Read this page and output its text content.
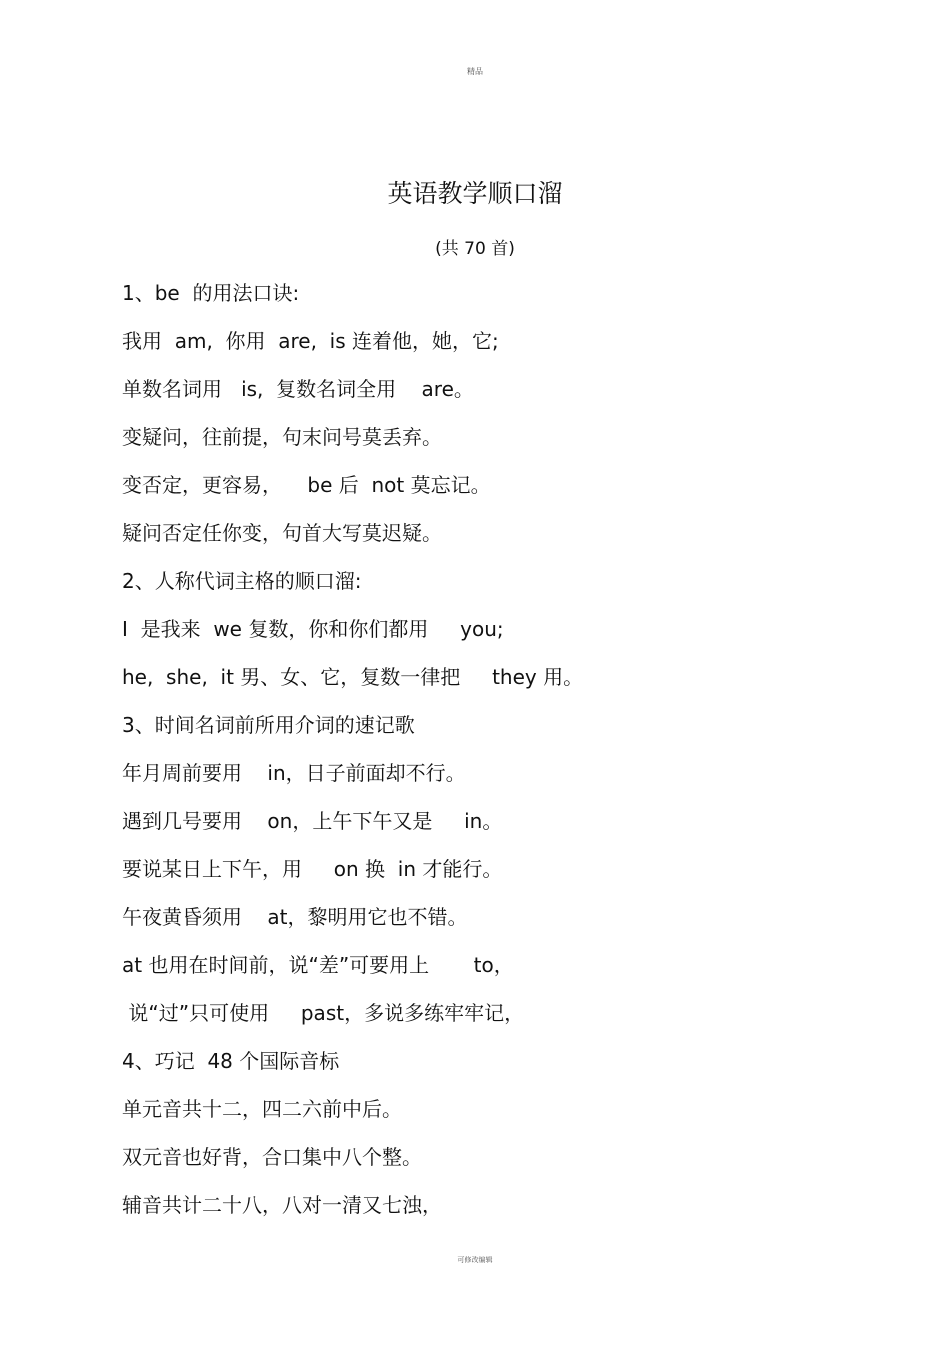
精品
英语教学顺口溜
(共 70 首)
1、be  的用法口诀:
我用  am,  你用  are,  is 连着他，她，它;
单数名词用   is,  复数名词全用    are。
变疑问，往前提，句末问号莫丢弃。
变否定，更容易，    be 后  not 莫忘记。
疑问否定任你变，句首大写莫迟疑。
2、人称代词主格的顺口溜:
I  是我来  we 复数，你和你们都用     you;
he,  she,  it 男、女、它，复数一律把     they 用。
3、时间名词前所用介词的速记歌
年月周前要用    in，日子前面却不行。
遇到几号要用    on，上午下午又是     in。
要说某日上下午，用     on 换  in 才能行。
午夜黄昏须用    at，黎明用它也不错。
at 也用在时间前，说“差”可要用上       to，
说“过”只可使用     past，多说多练牢牢记，
4、巧记  48 个国际音标
单元音共十二，四二六前中后。
双元音也好背，合口集中八个整。
辅音共计二十八，八对一清又七浊，
可修改编辑
